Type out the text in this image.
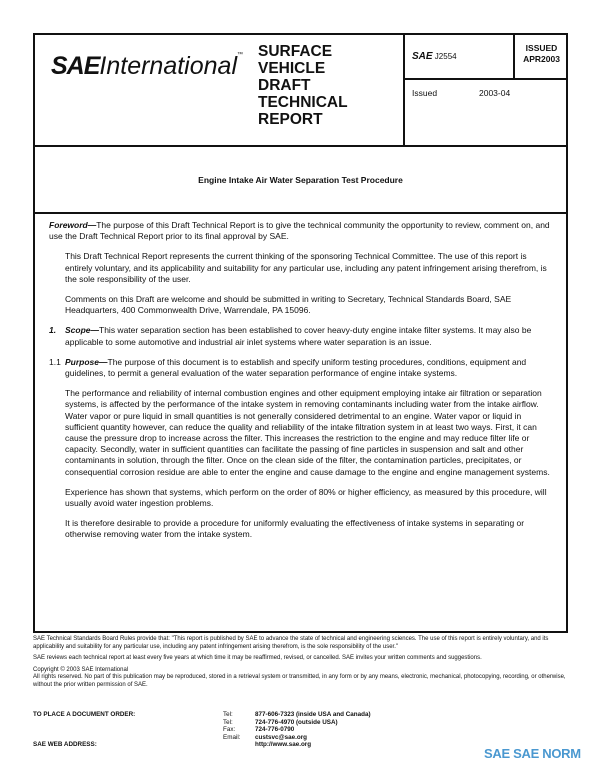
SAEInternational™ SURFACE
VEHICLE
DRAFT
TECHNICAL
REPORT
SAE J2554
ISSUED
APR2003
Issued	2003-04
Engine Intake Air Water Separation Test Procedure

Foreword—The purpose of this Draft Technical Report is to give the technical community the opportunity to review, comment on, and use the Draft Technical Report prior to its final approval by SAE.

This Draft Technical Report represents the current thinking of the sponsoring Technical Committee. The use of this report is entirely voluntary, and its applicability and suitability for any particular use, including any patent infringement arising therefrom, is the sole responsibility of the user.

Comments on this Draft are welcome and should be submitted in writing to Secretary, Technical Standards Board, SAE Headquarters, 400 Commonwealth Drive, Warrendale, PA 15096.

1.	Scope—This water separation section has been established to cover heavy-duty engine intake filter systems. It may also be applicable to some automotive and industrial air inlet systems where water separation is an issue.

1.1 Purpose—The purpose of this document is to establish and specify uniform testing procedures, conditions, equipment and guidelines, to permit a general evaluation of the water separation performance of engine intake systems.

The performance and reliability of internal combustion engines and other equipment employing intake air filtration or separation systems, is affected by the performance of the intake system in removing contaminants including water from the intake airflow. Water vapor or pure liquid in small quantities is not generally considered detrimental to an engine. Water vapor or liquid in sufficient quantity however, can reduce the quality and reliability of the intake filtration system in at least two ways. First, it can cause the pressure drop to increase across the filter. This increases the restriction to the engine and may reduce filter life or capacity. Secondly, water in sufficient quantities can facilitate the passing of fine particles in suspension and salt and other contaminants in solution, through the filter. Once on the clean side of the filter, the contamination particles, precipitates, or consequential corrosion residue are able to enter the engine and cause damage to the engine and engine management systems.

Experience has shown that systems, which perform on the order of 80% or higher efficiency, as measured by this procedure, will usually avoid water ingestion problems.

It is therefore desirable to provide a procedure for uniformly evaluating the effectiveness of intake systems in separating or otherwise removing water from the intake system.

SAE Technical Standards Board Rules provide that: "This report is published by SAE to advance the state of technical and engineering sciences. The use of this report is entirely voluntary, and its applicability and suitability for any particular use, including any patent infringement arising therefrom, is the sole responsibility of the user."

SAE reviews each technical report at least every five years at which time it may be reaffirmed, revised, or cancelled. SAE invites your written comments and suggestions.

Copyright © 2003 SAE International
All rights reserved. No part of this publication may be reproduced, stored in a retrieval system or transmitted, in any form or by any means, electronic, mechanical, photocopying, recording, or otherwise, without the prior written permission of SAE.
TO PLACE A DOCUMENT ORDER:
SAE WEB ADDRESS:
Tel:	877-606-7323 (inside USA and Canada)
Tel:	724-776-4970 (outside USA)
Fax:	724-776-0790
Email:	custsvc@sae.org
http://www.sae.org
SAE SAE NORM
